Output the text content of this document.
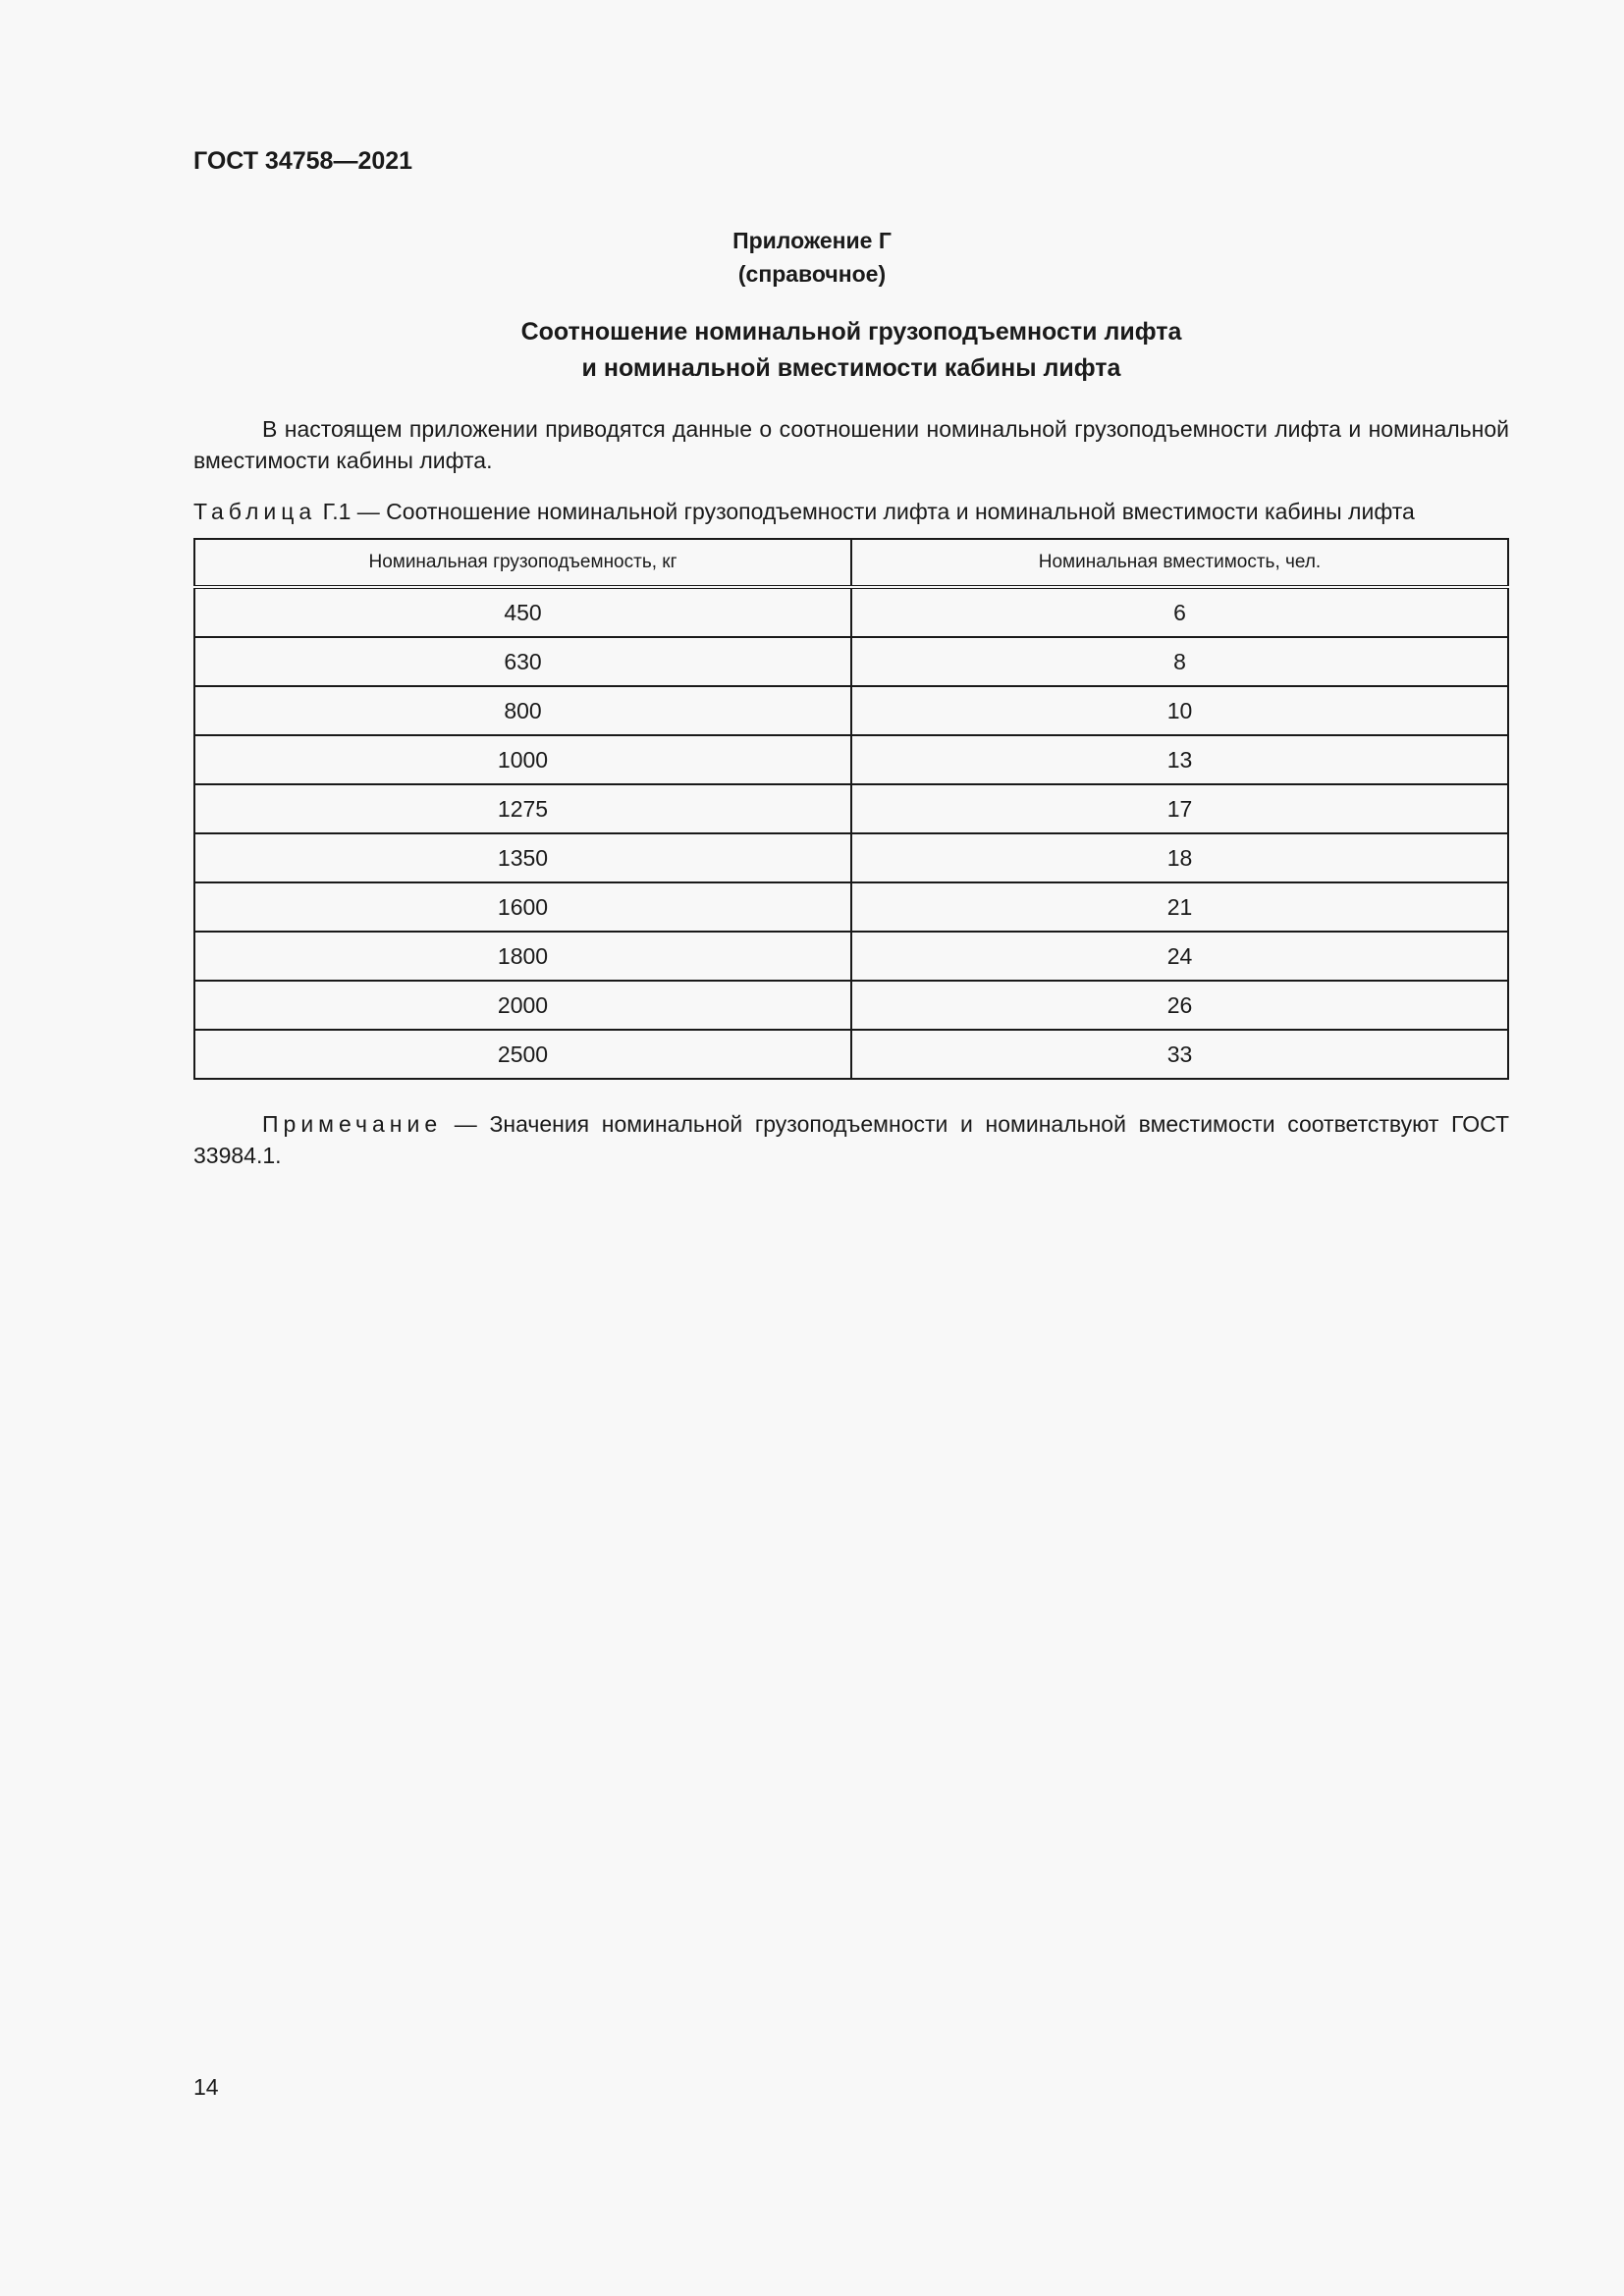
ГОСТ 34758—2021

Приложение Г
(справочное)
Соотношение номинальной грузоподъемности лифта
и номинальной вместимости кабины лифта

В настоящем приложении приводятся данные о соотношении номинальной грузоподъемности лифта и номинальной вместимости кабины лифта.

Таблица Г.1 — Соотношение номинальной грузоподъемности лифта и номинальной вместимости кабины лифта

Номинальная грузоподъемность, кг	Номинальная вместимость, чел.
450	6
630	8
800	10
1000	13
1275	17
1350	18
1600	21
1800	24
2000	26
2500	33

Примечание — Значения номинальной грузоподъемности и номинальной вместимости соответствуют ГОСТ 33984.1.

14
